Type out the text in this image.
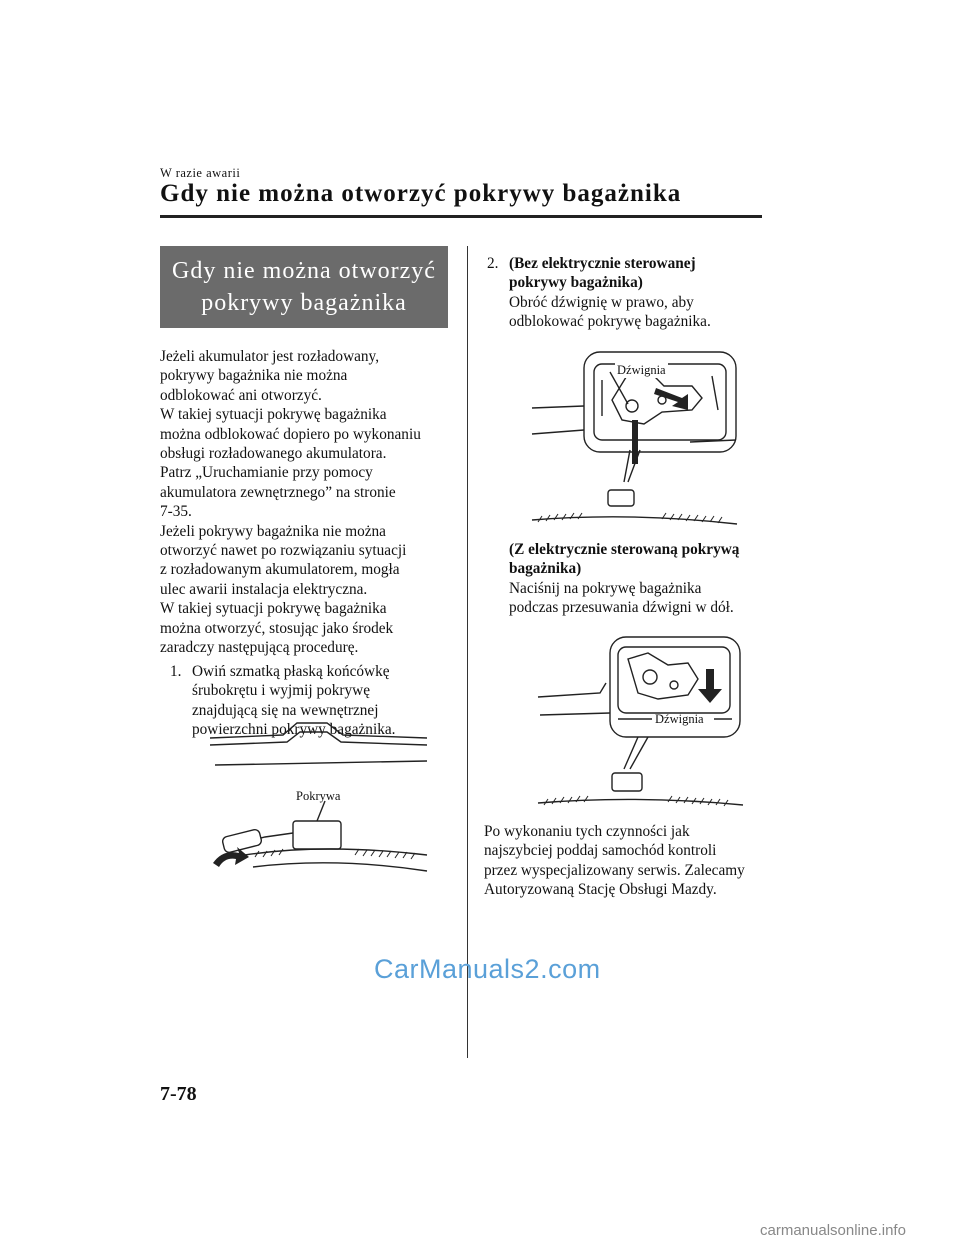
W razie awarii
Gdy nie można otworzyć pokrywy bagażnika
Gdy nie można otworzyć
pokrywy bagażnika
Jeżeli akumulator jest rozładowany,
pokrywy bagażnika nie można
odblokować ani otworzyć.
W takiej sytuacji pokrywę bagażnika
można odblokować dopiero po wykonaniu
obsługi rozładowanego akumulatora.
Patrz „Uruchamianie przy pomocy
akumulatora zewnętrznego” na stronie
7-35.
Jeżeli pokrywy bagażnika nie można
otworzyć nawet po rozwiązaniu sytuacji
z rozładowanym akumulatorem, mogła
ulec awarii instalacja elektryczna.
W takiej sytuacji pokrywę bagażnika
można otworzyć, stosując jako środek
zaradczy następującą procedurę.
1. Owiń szmatką płaską końcówkę
śrubokrętu i wyjmij pokrywę
znajdującą się na wewnętrznej
powierzchni pokrywy bagażnika.
Pokrywa
2. (Bez elektrycznie sterowanej
pokrywy bagażnika)
Obróć dźwignię w prawo, aby
odblokować pokrywę bagażnika.
Dźwignia
(Z elektrycznie sterowaną pokrywą
bagażnika)
Naciśnij na pokrywę bagażnika
podczas przesuwania dźwigni w dół.
Dźwignia
Po wykonaniu tych czynności jak
najszybciej poddaj samochód kontroli
przez wyspecjalizowany serwis. Zalecamy
Autoryzowaną Stację Obsługi Mazdy.
CarManuals2.com
7-78
carmanualsonline.info
